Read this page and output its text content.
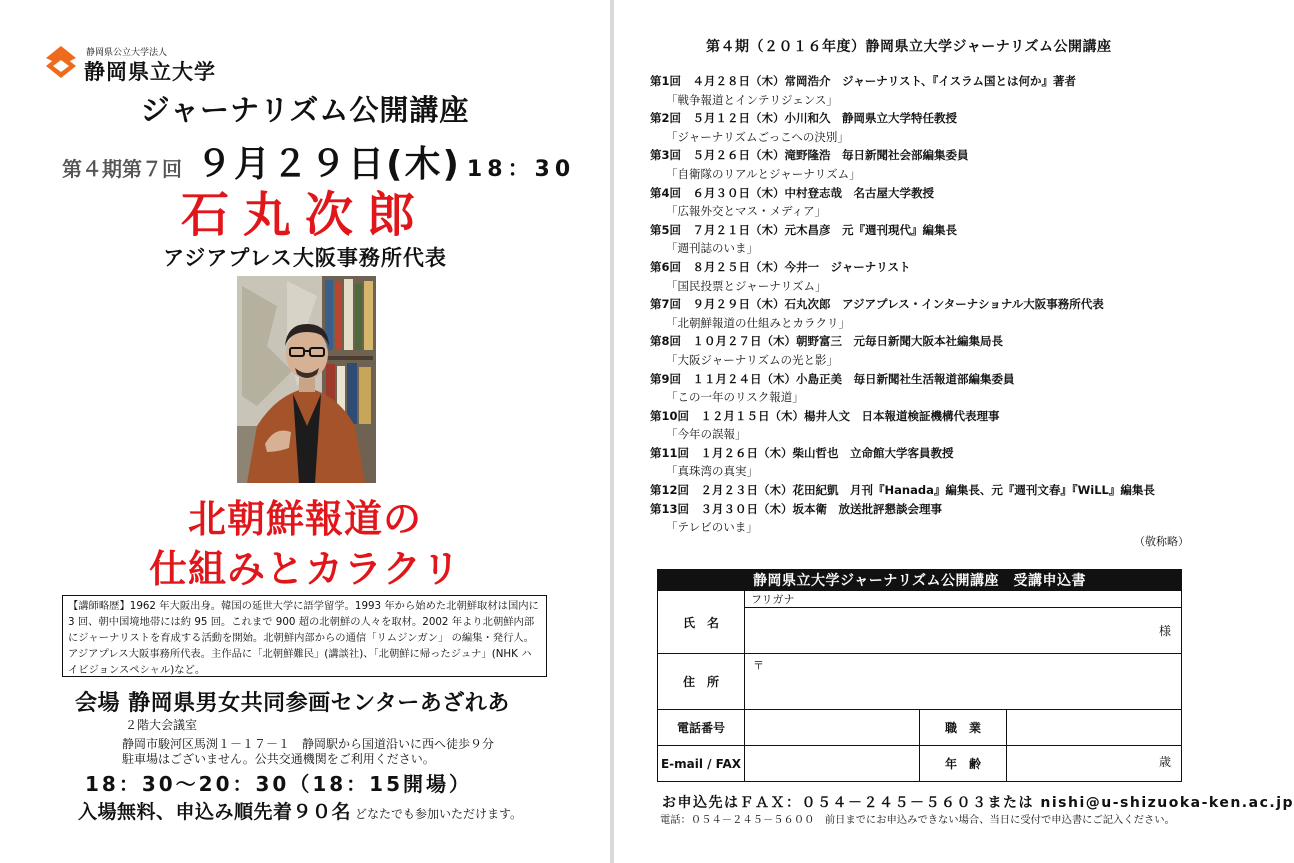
静岡県公立大学法人
静岡県立大学
ジャーナリズム公開講座
第４期第７回 ９月２９日(木) 18：30
石丸次郎
アジアプレス大阪事務所代表
北朝鮮報道の
仕組みとカラクリ
【講師略歴】1962 年大阪出身。韓国の延世大学に語学留学。1993 年から始めた北朝鮮取材は国内に 3 回、朝中国境地帯には約 95 回。これまで 900 超の北朝鮮の人々を取材。2002 年より北朝鮮内部にジャーナリストを育成する活動を開始。北朝鮮内部からの通信「リムジンガン」 の編集・発行人。アジアプレス大阪事務所代表。主作品に「北朝鮮難民」(講談社)、「北朝鮮に帰ったジュナ」(NHK ハイビジョンスペシャル)など。
会場 静岡県男女共同参画センターあざれあ
２階大会議室
静岡市駿河区馬渕１－１７－１　静岡駅から国道沿いに西へ徒歩９分
駐車場はございません。公共交通機関をご利用ください。
18：30～20：30（18：15開場）
入場無料、申込み順先着９０名 どなたでも参加いただけます。
第４期（２０１６年度）静岡県立大学ジャーナリズム公開講座
第1回　４月２８日（木）常岡浩介　ジャーナリスト、『イスラム国とは何か』著者
「戦争報道とインテリジェンス」
第2回　５月１２日（木）小川和久　静岡県立大学特任教授
「ジャーナリズムごっこへの決別」
第3回　５月２６日（木）滝野隆浩　毎日新聞社会部編集委員
「自衛隊のリアルとジャーナリズム」
第4回　６月３０日（木）中村登志哉　名古屋大学教授
「広報外交とマス・メディア」
第5回　７月２１日（木）元木昌彦　元『週刊現代』編集長
「週刊誌のいま」
第6回　８月２５日（木）今井一　ジャーナリスト
「国民投票とジャーナリズム」
第7回　９月２９日（木）石丸次郎　アジアプレス・インターナショナル大阪事務所代表
「北朝鮮報道の仕組みとカラクリ」
第8回　１０月２７日（木）朝野富三　元毎日新聞大阪本社編集局長
「大阪ジャーナリズムの光と影」
第9回　１１月２４日（木）小島正美　毎日新聞社生活報道部編集委員
「この一年のリスク報道」
第10回　１２月１５日（木）楊井人文　日本報道検証機構代表理事
「今年の誤報」
第11回　１月２６日（木）柴山哲也　立命館大学客員教授
「真珠湾の真実」
第12回　２月２３日（木）花田紀凱　月刊『Hanada』編集長、元『週刊文春』『WiLL』編集長
第13回　３月３０日（木）坂本衛　放送批評懇談会理事
「テレビのいま」
（敬称略）
静岡県立大学ジャーナリズム公開講座　受講申込書			
氏　名	フリガナ		

	様		

住　所	〒		

電話番号		職　業	
E-mail / FAX		年　齢	歳
お申込先はＦＡＸ：０５４－２４５－５６０３または nishi@u-shizuoka-ken.ac.jp
電話：０５４－２４５－５６００　前日までにお申込みできない場合、当日に受付で申込書にご記入ください。
